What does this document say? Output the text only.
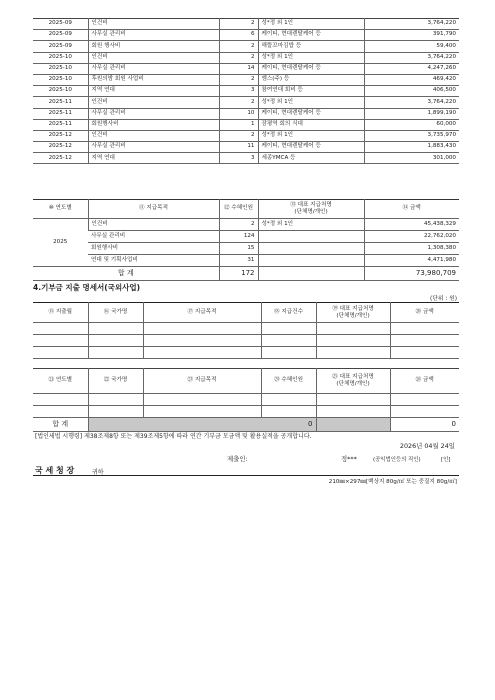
2025-09	인건비	2	성*정 외 1인	3,764,220
2025-09	사무실 관리비	6	케이티, 현대렌탈케어 등	391,790
2025-09	회원 행사비	2	해뜰꼬마김밥 등	59,400
2025-10	인건비	2	성*정 외 1인	3,764,220
2025-10	사무실 관리비	14	케이티, 현대렌탈케어 등	4,247,260
2025-10	후원의밤 회원 사업비	2	엠스(주) 등	469,420
2025-10	지역 연대	3	참여연대 회비 등	406,500
2025-11	인건비	2	성*정 외 1인	3,764,220
2025-11	사무실 관리비	10	케이티, 현대렌탈케어 등	1,899,190
2025-11	회원행사비	1	잠평역 회의 식대	60,000
2025-12	인건비	2	성*정 외 1인	3,735,970
2025-12	사무실 관리비	11	케이티, 현대렌탈케어 등	1,883,430
2025-12	지역 연대	3	세종YMCA 등	301,000
⑩ 연도별	⑪ 지급목적	⑫ 수혜인원	⑬ 대표 지급처명
(단체명/개인)	⑭ 금액
2025	인건비	2	성*정 외 1인	45,438,329
	사무실 관리비	124		22,762,020
	회원행사비	15		1,308,380
	연대 및 기획사업비	31		4,471,980
합 계		172		73,980,709
4.기부금 지출 명세서(국외사업)
(단위 : 원)
⑮ 지출월	⑯ 국가명	⑰ 지급목적	⑱ 지급건수	⑲ 대표 지급처명
(단체명/개인)	⑳ 금액

㉑ 연도별	㉒ 국가명	㉓ 지급목적	㉔ 수혜인원	㉕ 대표 지급처명
(단체명/개인)	㉖ 금액

합 계	0				0
[법인세법 시행령] 제38조제8항 또는 제39조제5항에 따라 연간 기부금 모금액 및 활용실적을 공개합니다.
2026년 04월 24일
제출인:	정***	(공익법인등의 직인)	[인]
국 세 청 장	귀하
210㎜×297㎜[백상지 80g/㎡ 또는 중질지 80g/㎡]
